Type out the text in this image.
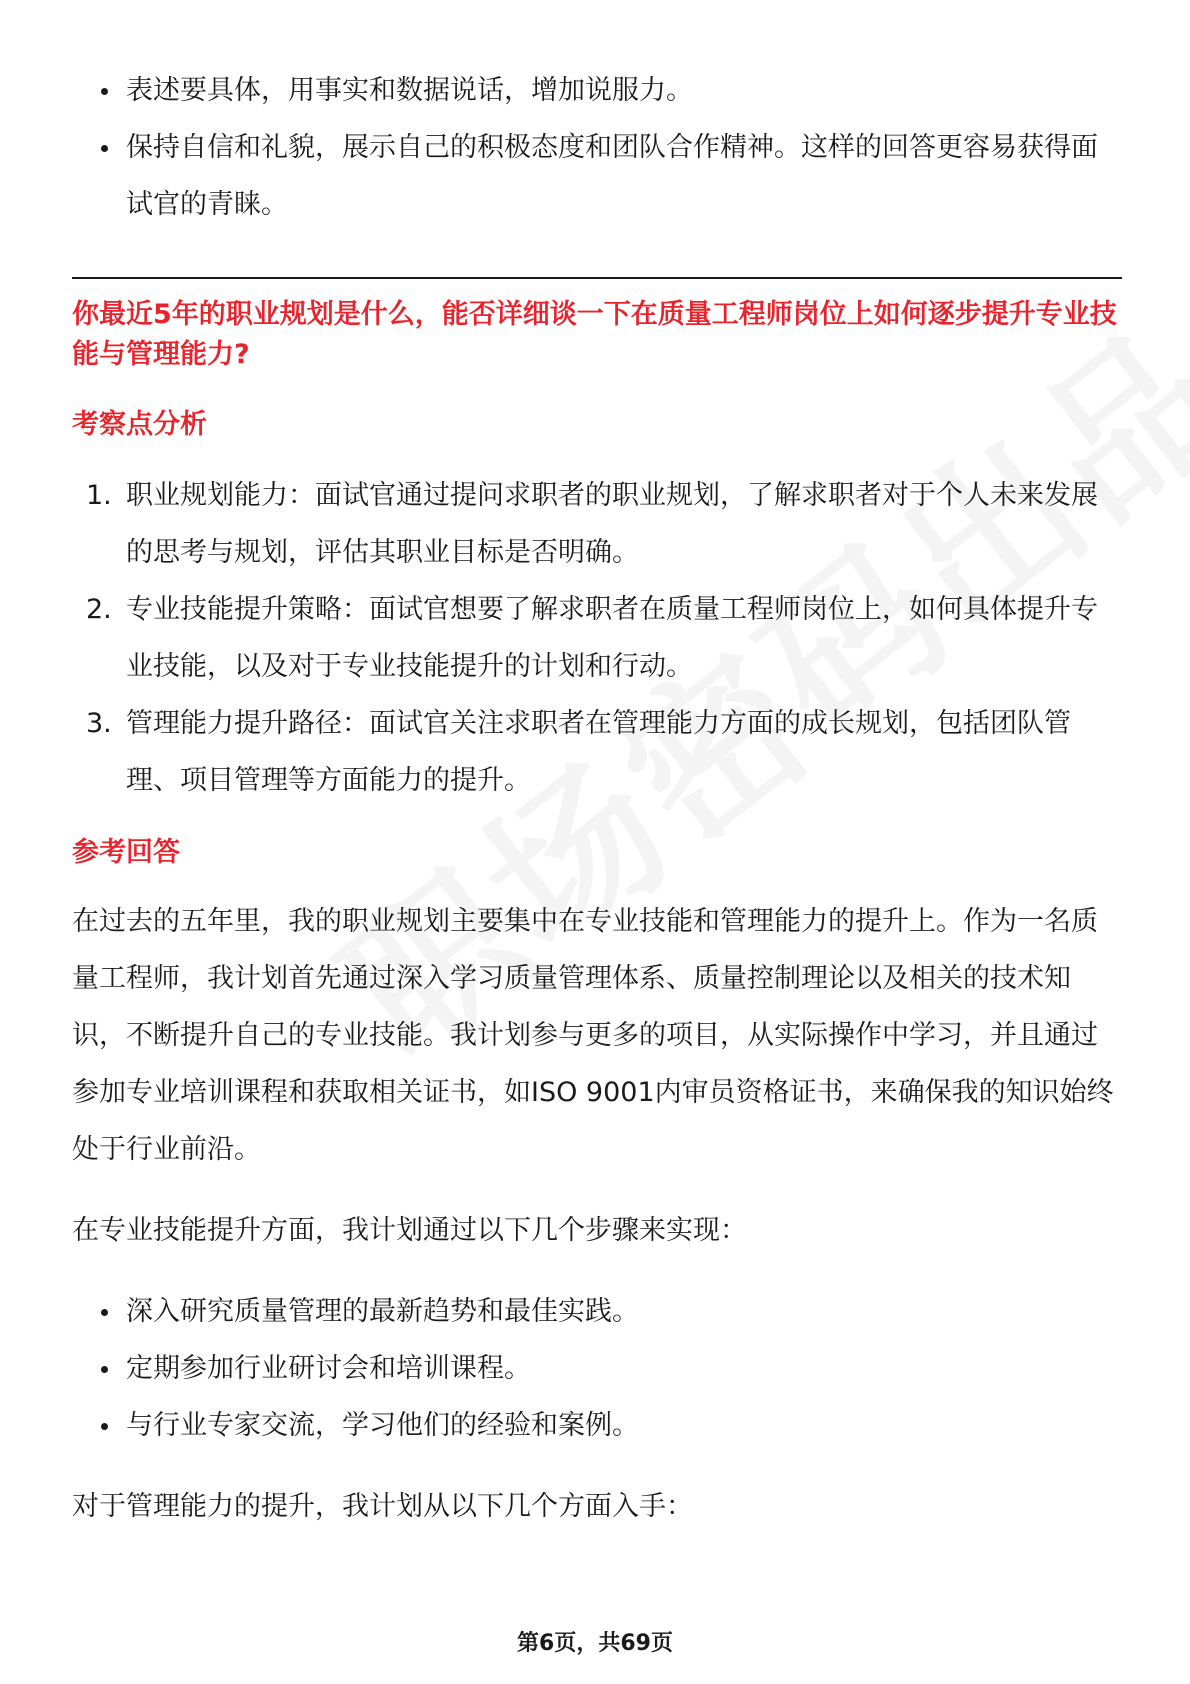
表述要具体，用事实和数据说话，增加说服力。
保持自信和礼貌，展示自己的积极态度和团队合作精神。这样的回答更容易获得面试官的青睐。

你最近5年的职业规划是什么，能否详细谈一下在质量工程师岗位上如何逐步提升专业技能与管理能力?

考察点分析
1. 职业规划能力：面试官通过提问求职者的职业规划，了解求职者对于个人未来发展的思考与规划，评估其职业目标是否明确。
2. 专业技能提升策略：面试官想要了解求职者在质量工程师岗位上，如何具体提升专业技能，以及对于专业技能提升的计划和行动。
3. 管理能力提升路径：面试官关注求职者在管理能力方面的成长规划，包括团队管理、项目管理等方面能力的提升。
参考回答

在过去的五年里，我的职业规划主要集中在专业技能和管理能力的提升上。作为一名质量工程师，我计划首先通过深入学习质量管理体系、质量控制理论以及相关的技术知识，不断提升自己的专业技能。我计划参与更多的项目，从实际操作中学习，并且通过参加专业培训课程和获取相关证书，如ISO 9001内审员资格证书，来确保我的知识始终处于行业前沿。

在专业技能提升方面，我计划通过以下几个步骤来实现：

深入研究质量管理的最新趋势和最佳实践。
定期参加行业研讨会和培训课程。
与行业专家交流，学习他们的经验和案例。

对于管理能力的提升，我计划从以下几个方面入手：

第6页，共69页
